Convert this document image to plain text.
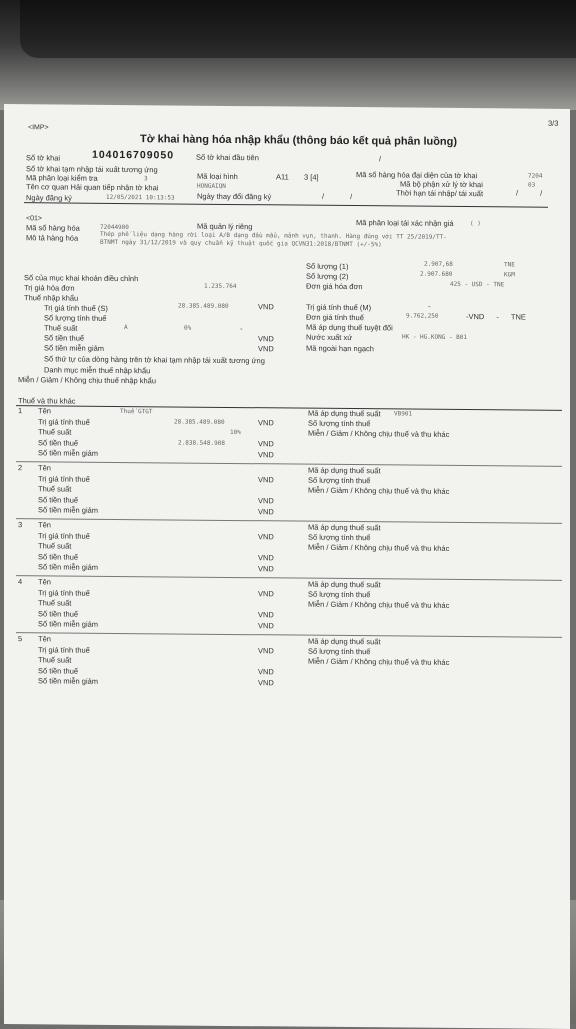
3/3
<IMP>
Tờ khai hàng hóa nhập khẩu (thông báo kết quả phân luồng)
Số tờ khai	104016709050	Số tờ khai đầu tiên	/
Số tờ khai tạm nhập tái xuất tương ứng
Mã phân loại kiểm tra	3	Mã loại hình	A11 3 [4]	Mã số hàng hóa đại diện của tờ khai	7204
Tên cơ quan Hải quan tiếp nhận tờ khai	HONGAIQN	Mã bộ phận xử lý tờ khai	03
Ngày đăng ký	12/05/2021 10:13:53	Ngày thay đổi đăng ký	/ /	Thời hạn tái nhập/ tái xuất	/ /
<01>
Mã số hàng hóa	72044900	Mã quản lý riêng	Mã phân loại tái xác nhận giá	( )
Mô tả hàng hóa	Thép phế liệu dạng hàng rời loại A/B dạng đầu mẩu, mảnh vụn, thanh. Hàng đúng với TT 25/2019/TT-
BTNMT ngày 31/12/2019 và quy chuẩn kỹ thuật quốc gia QCVN31:2018/BTNMT (+/-5%)
Số lượng (1)	2.907,68	TNE
Số lượng (2)	2.907.680	KGM
Số của mục khai khoản điều chỉnh
Trị giá hóa đơn	1.235.764	Đơn giá hóa đơn	425 - USD - TNE
Thuế nhập khẩu
Trị giá tính thuế (S)	28.385.489.080	VND	Trị giá tính thuế (M)	-
Số lượng tính thuế	Đơn giá tính thuế	9.762,250	-VND - TNE
Thuế suất	A	0%	-	Mã áp dụng thuế tuyệt đối
Số tiền thuế	VND	Nước xuất xứ	HK - HG.KONG - B01
Số tiền miễn giảm	VND	Mã ngoài hạn ngạch
Số thứ tự của dòng hàng trên tờ khai tạm nhập tái xuất tương ứng
Danh mục miễn thuế nhập khẩu
Miễn / Giảm / Không chịu thuế nhập khẩu
Thuế và thu khác
1 Tên	Thuế GTGT
Trị giá tính thuế	28.385.489.080	VND
Thuế suất	10%
Số tiền thuế	2.838.548.908	VND
Số tiền miễn giảm	VND
Mã áp dụng thuế suất VB901
Số lượng tính thuế
Miễn / Giảm / Không chịu thuế và thu khác
2 Tên
Trị giá tính thuế	VND
Thuế suất
Số tiền thuế	VND
Số tiền miễn giảm	VND
Mã áp dụng thuế suất
Số lượng tính thuế
Miễn / Giảm / Không chịu thuế và thu khác
3 Tên
Trị giá tính thuế	VND
Thuế suất
Số tiền thuế	VND
Số tiền miễn giảm	VND
Mã áp dụng thuế suất
Số lượng tính thuế
Miễn / Giảm / Không chịu thuế và thu khác
4 Tên
Trị giá tính thuế	VND
Thuế suất
Số tiền thuế	VND
Số tiền miễn giảm	VND
Mã áp dụng thuế suất
Số lượng tính thuế
Miễn / Giảm / Không chịu thuế và thu khác
5 Tên
Trị giá tính thuế	VND
Thuế suất
Số tiền thuế	VND
Số tiền miễn giảm	VND
Mã áp dụng thuế suất
Số lượng tính thuế
Miễn / Giảm / Không chịu thuế và thu khác
